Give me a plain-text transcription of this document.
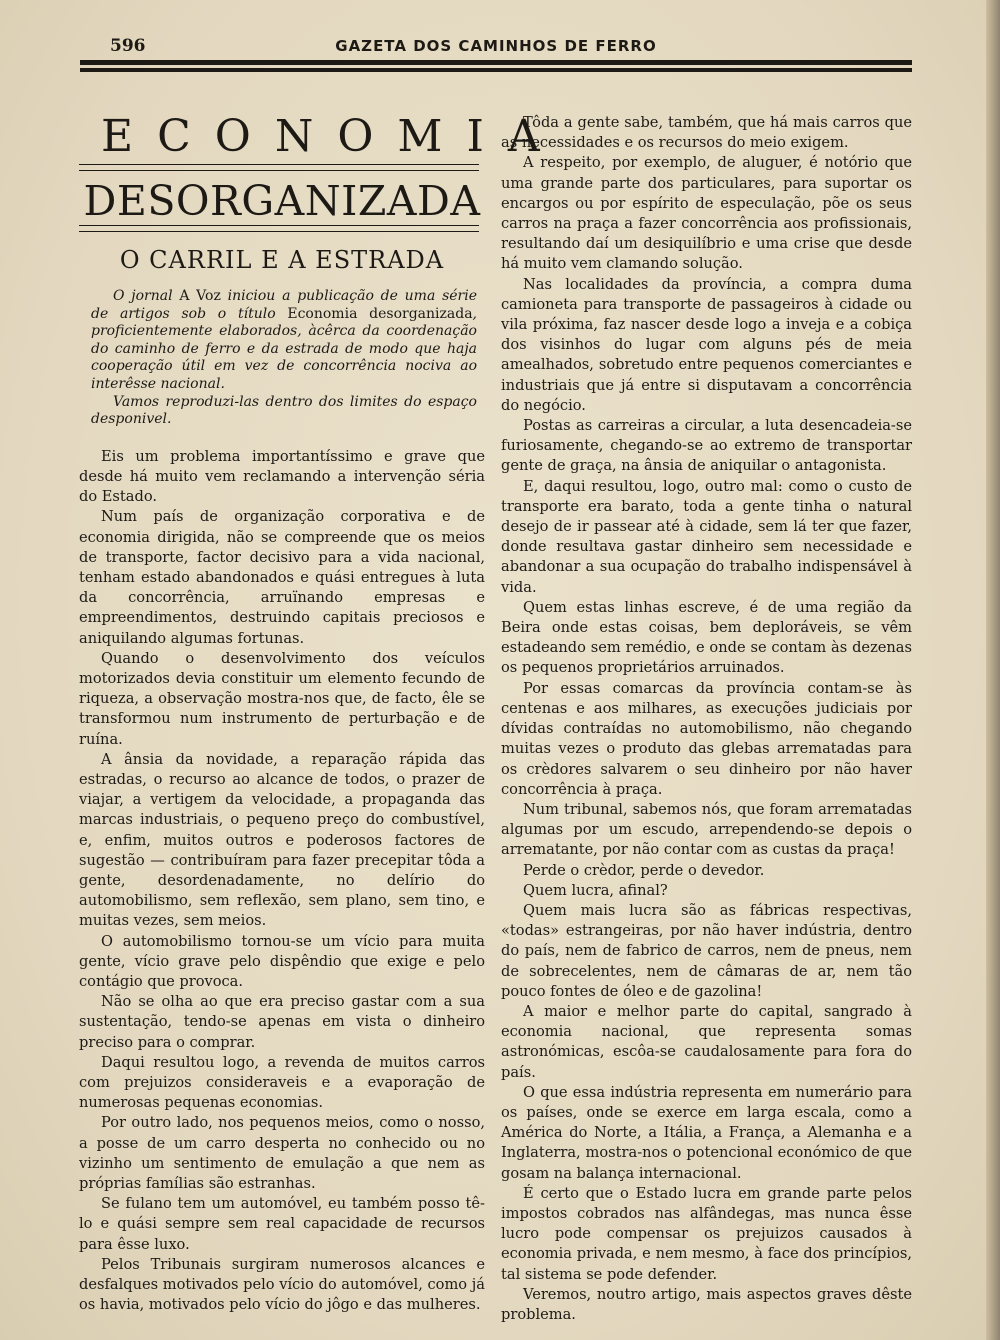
596	GAZETA DOS CAMINHOS DE FERRO
ECONOMIA
DESORGANIZADA
O CARRIL E A ESTRADA

O jornal A Voz iniciou a publicação de uma série de artigos sob o título Economia desorganizada, proficientemente elaborados, àcêrca da coordenação do caminho de ferro e da estrada de modo que haja cooperação útil em vez de concorrência nociva ao interêsse nacional.

Vamos reproduzi-las dentro dos limites do espaço desponivel.

Eis um problema importantíssimo e grave que desde há muito vem reclamando a intervenção séria do Estado.

Num país de organização corporativa e de economia dirigida, não se compreende que os meios de transporte, factor decisivo para a vida nacional, tenham estado abandonados e quási entregues à luta da concorrência, arruïnando empresas e empreendimentos, destruindo capitais preciosos e aniquilando algumas fortunas.

Quando o desenvolvimento dos veículos motorizados devia constituir um elemento fecundo de riqueza, a observação mostra-nos que, de facto, êle se transformou num instrumento de perturbação e de ruína.

A ânsia da novidade, a reparação rápida das estradas, o recurso ao alcance de todos, o prazer de viajar, a vertigem da velocidade, a propaganda das marcas industriais, o pequeno preço do combustível, e, enfim, muitos outros e poderosos factores de sugestão — contribuíram para fazer precepitar tôda a gente, desordenadamente, no delírio do automobilismo, sem reflexão, sem plano, sem tino, e muitas vezes, sem meios.

O automobilismo tornou-se um vício para muita gente, vício grave pelo dispêndio que exige e pelo contágio que provoca.

Não se olha ao que era preciso gastar com a sua sustentação, tendo-se apenas em vista o dinheiro preciso para o comprar.

Daqui resultou logo, a revenda de muitos carros com prejuizos consideraveis e a evaporação de numerosas pequenas economias.

Por outro lado, nos pequenos meios, como o nosso, a posse de um carro desperta no conhecido ou no vizinho um sentimento de emulação a que nem as próprias famílias são estranhas.

Se fulano tem um automóvel, eu também posso tê-lo e quási sempre sem real capacidade de recursos para êsse luxo.

Pelos Tribunais surgiram numerosos alcances e desfalques motivados pelo vício do automóvel, como já os havia, motivados pelo vício do jôgo e das mulheres.

Tôda a gente sabe, também, que há mais carros que as necessidades e os recursos do meio exigem.

A respeito, por exemplo, de aluguer, é notório que uma grande parte dos particulares, para suportar os encargos ou por espírito de especulação, põe os seus carros na praça a fazer concorrência aos profissionais, resultando daí um desiquilíbrio e uma crise que desde há muito vem clamando solução.

Nas localidades da província, a compra duma camioneta para transporte de passageiros à cidade ou vila próxima, faz nascer desde logo a inveja e a cobiça dos visinhos do lugar com alguns pés de meia amealhados, sobretudo entre pequenos comerciantes e industriais que já entre si disputavam a concorrência do negócio.

Postas as carreiras a circular, a luta desencadeia-se furiosamente, chegando-se ao extremo de transportar gente de graça, na ânsia de aniquilar o antagonista.

E, daqui resultou, logo, outro mal: como o custo de transporte era barato, toda a gente tinha o natural desejo de ir passear até à cidade, sem lá ter que fazer, donde resultava gastar dinheiro sem necessidade e abandonar a sua ocupação do trabalho indispensável à vida.

Quem estas linhas escreve, é de uma região da Beira onde estas coisas, bem deploráveis, se vêm estadeando sem remédio, e onde se contam às dezenas os pequenos proprietários arruinados.

Por essas comarcas da província contam-se às centenas e aos milhares, as execuções judiciais por dívidas contraídas no automobilismo, não chegando muitas vezes o produto das glebas arrematadas para os crèdores salvarem o seu dinheiro por não haver concorrência à praça.

Num tribunal, sabemos nós, que foram arrematadas algumas por um escudo, arrependendo-se depois o arrematante, por não contar com as custas da praça!

Perde o crèdor, perde o devedor.

Quem lucra, afinal?

Quem mais lucra são as fábricas respectivas, «todas» estrangeiras, por não haver indústria, dentro do país, nem de fabrico de carros, nem de pneus, nem de sobrecelentes, nem de câmaras de ar, nem tão pouco fontes de óleo e de gazolina!

A maior e melhor parte do capital, sangrado à economia nacional, que representa somas astronómicas, escôa-se caudalosamente para fora do país.

O que essa indústria representa em numerário para os países, onde se exerce em larga escala, como a América do Norte, a Itália, a França, a Alemanha e a Inglaterra, mostra-nos o potencional económico de que gosam na balança internacional.

É certo que o Estado lucra em grande parte pelos impostos cobrados nas alfândegas, mas nunca êsse lucro pode compensar os prejuizos causados à economia privada, e nem mesmo, à face dos princípios, tal sistema se pode defender.

Veremos, noutro artigo, mais aspectos graves dêste problema.
